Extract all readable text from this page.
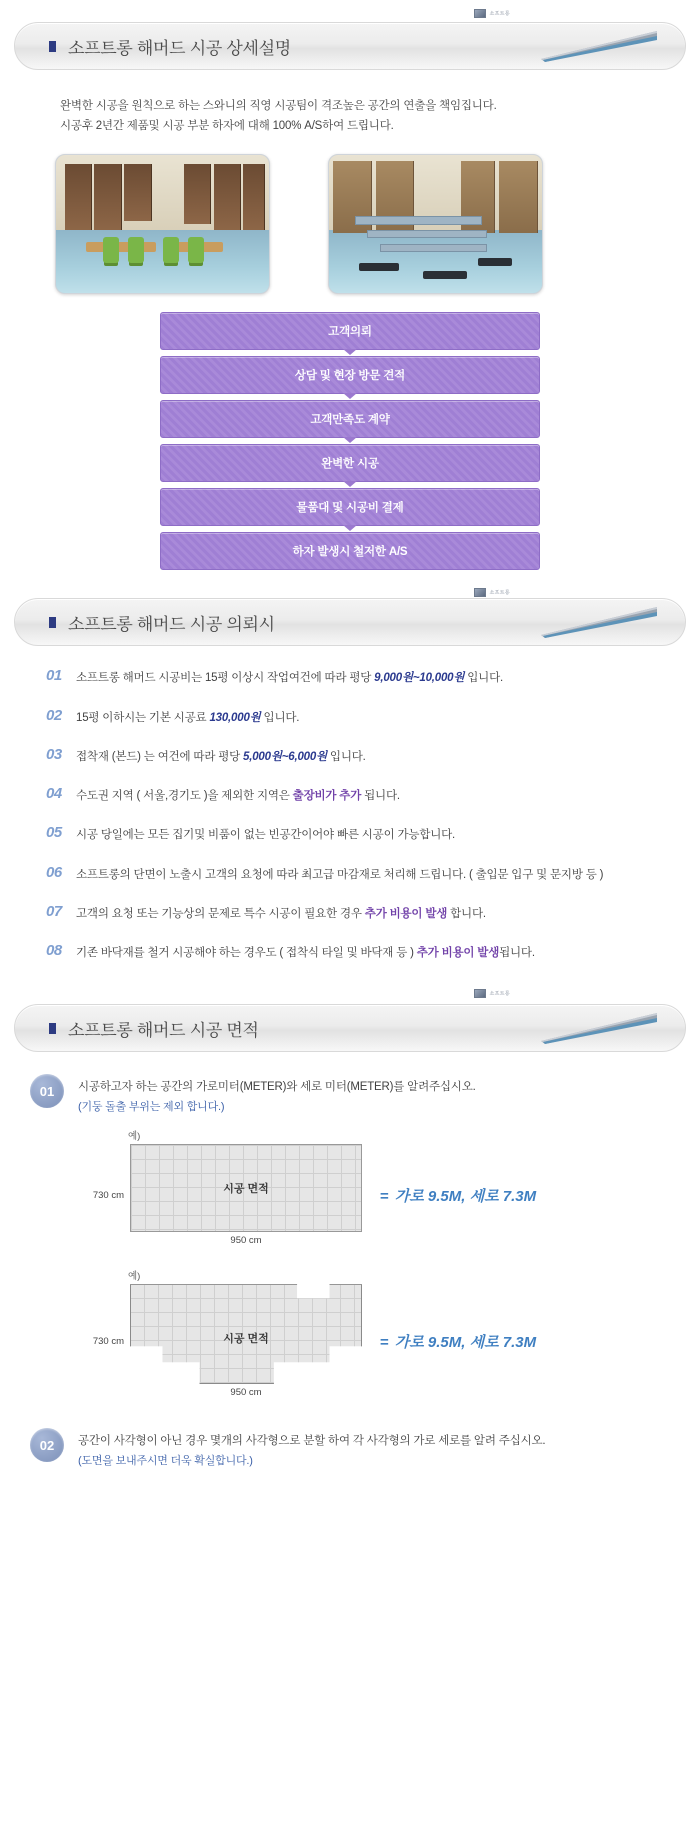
소프트롱
소프트롱 해머드 시공 상세설명
완벽한 시공을 원칙으로 하는 스와니의 직영 시공팀이 격조높은 공간의 연출을 책임집니다.
시공후 2년간 제품및 시공 부분 하자에 대해 100% A/S하여 드립니다.
고객의뢰
상담 및 현장 방문 견적
고객만족도 계약
완벽한 시공
물품대 및 시공비 결제
하자 발생시 철저한 A/S
소프트롱
소프트롱 해머드 시공 의뢰시
01	소프트롱 해머드 시공비는 15평 이상시 작업여건에 따라 평당 9,000원~10,000원 입니다.
02	15평 이하시는 기본 시공료 130,000원 입니다.
03	접착재 (본드) 는 여건에 따라 평당 5,000원~6,000원 입니다.
04	수도권 지역 ( 서울,경기도 )을 제외한 지역은 출장비가 추가 됩니다.
05	시공 당일에는 모든 집기및 비품이 없는 빈공간이어야 빠른 시공이 가능합니다.
06	소프트롱의 단면이 노출시 고객의 요청에 따라 최고급 마감재로 처리해 드립니다. ( 출입문 입구 및 문지방 등 )
07	고객의 요청 또는 기능상의 문제로 특수 시공이 필요한 경우 추가 비용이 발생 합니다.
08	기존 바닥재를 철거 시공해야 하는 경우도 ( 접착식 타일 및 바닥재 등 ) 추가 비용이 발생됩니다.
소프트롱
소프트롱 해머드 시공 면적
01	시공하고자 하는 공간의 가로미터(METER)와 세로 미터(METER)를 알려주십시오.
(기둥 돌출 부위는 제외 합니다.)
예)
730 cm	시공 면적
950 cm
= 가로 9.5M, 세로 7.3M
예)
730 cm	시공 면적
950 cm
= 가로 9.5M, 세로 7.3M
02	공간이 사각형이 아닌 경우 몇개의 사각형으로 분할 하여 각 사각형의 가로 세로를 알려 주십시오.
(도면을 보내주시면 더욱 확실합니다.)
